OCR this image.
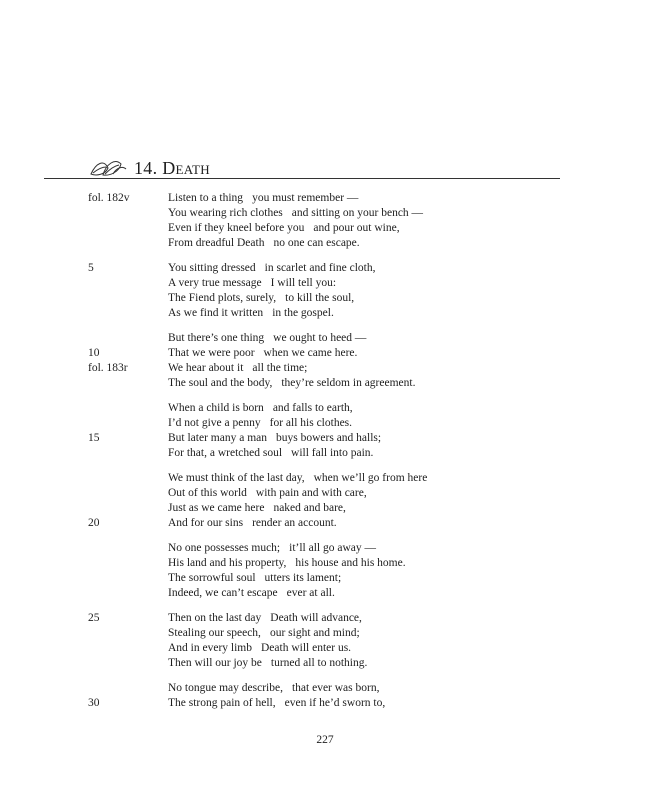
14. Death
fol. 182v	Listen to a thing you must remember —
You wearing rich clothes and sitting on your bench —
Even if they kneel before you and pour out wine,
From dreadful Death no one can escape.
5	You sitting dressed in scarlet and fine cloth,
A very true message I will tell you:
The Fiend plots, surely, to kill the soul,
As we find it written in the gospel.
But there’s one thing we ought to heed —
10	That we were poor when we came here.
fol. 183r	We hear about it all the time;
The soul and the body, they’re seldom in agreement.
When a child is born and falls to earth,
I’d not give a penny for all his clothes.
15	But later many a man buys bowers and halls;
For that, a wretched soul will fall into pain.
We must think of the last day, when we’ll go from here
Out of this world with pain and with care,
Just as we came here naked and bare,
20	And for our sins render an account.
No one possesses much; it’ll all go away —
His land and his property, his house and his home.
The sorrowful soul utters its lament;
Indeed, we can’t escape ever at all.
25	Then on the last day Death will advance,
Stealing our speech, our sight and mind;
And in every limb Death will enter us.
Then will our joy be turned all to nothing.
No tongue may describe, that ever was born,
30	The strong pain of hell, even if he’d sworn to,
227
